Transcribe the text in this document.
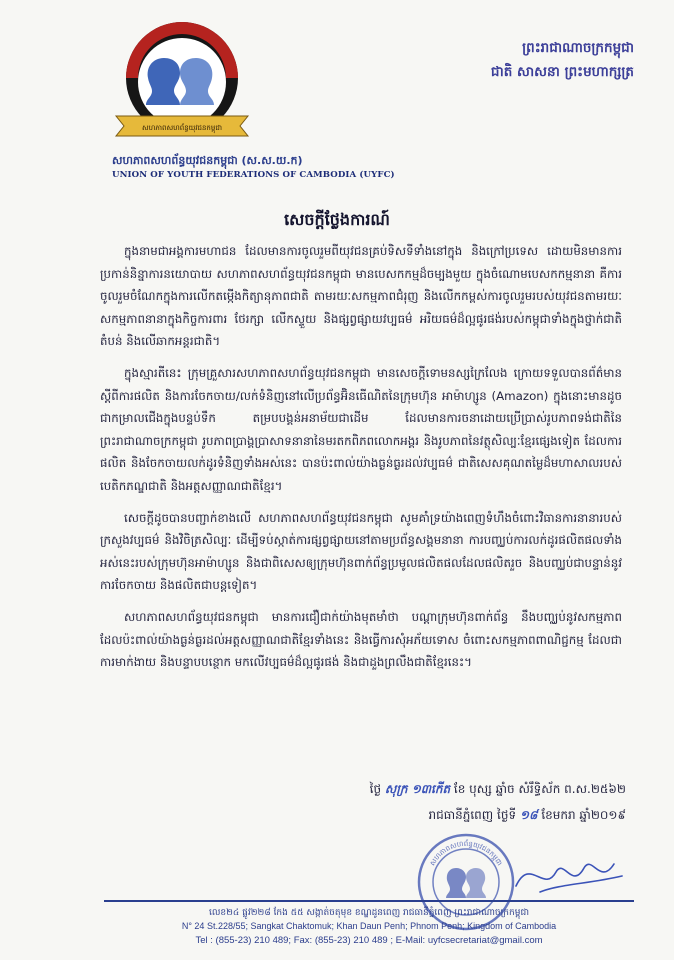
សហភាពសហព័ន្ធយុវជនកម្ពុជា
សហភាពសហព័ន្ធយុវជនកម្ពុជា (ស.ស.យ.ក)
UNION OF YOUTH FEDERATIONS OF CAMBODIA (UYFC)
ព្រះរាជាណាចក្រកម្ពុជា
ជាតិ សាសនា ព្រះមហាក្សត្រ
សេចក្តីថ្លែងការណ៍

ក្នុងនាមជាអង្គការមហាជន ដែលមានការចូលរួមពីយុវជនគ្រប់ទិសទីទាំងនៅក្នុង និងក្រៅប្រទេស ដោយមិនមានការប្រកាន់និន្នាការនយោបាយ សហភាពសហព័ន្ធយុវជនកម្ពុជា មានបេសកកម្មដ៏ចម្បងមួយ ក្នុងចំណោមបេសកកម្មនានា គឺការចូលរួមចំណែកក្នុងការលើកតម្កើងកិត្យានុភាពជាតិ តាមរយៈសកម្មភាពជំរុញ និងលើកកម្ពស់ការចូលរួមរបស់យុវជនតាមរយៈសកម្មភាពនានាក្នុងកិច្ចការពារ ថែរក្សា លើកស្ទួយ និងផ្សព្វផ្សាយវប្បធម៌ អរិយធម៌ដ៏ល្អផូរផង់របស់កម្ពុជាទាំងក្នុងថ្នាក់ជាតិ តំបន់ និងលើឆាកអន្តរជាតិ។

ក្នុងស្មារតីនេះ ក្រុមគ្រួសារសហភាពសហព័ន្ធយុវជនកម្ពុជា មានសេចក្តីទោមនស្សក្រៃលែង ក្រោយទទួលបានព័ត៌មានស្តីពីការផលិត និងការចែកចាយ/លក់ទំនិញនៅលើប្រព័ន្ធអ៊ិនធើណិតនៃក្រុមហ៊ុន អាម៉ាហ្សូន (Amazon) ក្នុងនោះមានដូចជាកម្រាលជើងក្នុងបន្ទប់ទឹក តម្របបង្គន់អនាម័យជាដើម ដែលមានការចនាដោយប្រើប្រាស់រូបភាពទង់ជាតិនៃព្រះរាជាណាចក្រកម្ពុជា រូបភាពប្រាង្គប្រាសាទនានានៃមរតកពិភពលោកអង្គរ និងរូបភាពនៃវត្ថុសិល្បៈខ្មែរផ្សេងទៀត ដែលការផលិត និងចែកចាយលក់ដូរទំនិញទាំងអស់នេះ បានប៉ះពាល់យ៉ាងធ្ងន់ធ្ងរដល់វប្បធម៌ ជាតិសេសគុណតម្លៃដ៏មហាសាលរបស់បេតិកភណ្ឌជាតិ និងអត្តសញ្ញាណជាតិខ្មែរ។

សេចក្តីដូចបានបញ្ជាក់ខាងលើ សហភាពសហព័ន្ធយុវជនកម្ពុជា សូមគាំទ្រយ៉ាងពេញទំហឹងចំពោះវិធានការនានារបស់ក្រសួងវប្បធម៌ និងវិចិត្រសិល្បៈ ដើម្បីទប់ស្កាត់ការផ្សព្វផ្សាយនៅតាមប្រព័ន្ធសង្គមនានា ការបញ្ឈប់ការលក់ដូរផលិតផលទាំងអស់នេះរបស់ក្រុមហ៊ុនអាម៉ាហ្សូន និងជាពិសេសឲ្យក្រុមហ៊ុនពាក់ព័ន្ធប្រមូលផលិតផលដែលផលិតរួច និងបញ្ឈប់ជាបន្ទាន់នូវការចែកចាយ និងផលិតជាបន្តទៀត។

សហភាពសហព័ន្ធយុវជនកម្ពុជា មានការជឿជាក់យ៉ាងមុតមាំថា បណ្តាក្រុមហ៊ុនពាក់ព័ន្ធ នឹងបញ្ឈប់នូវសកម្មភាពដែលប៉ះពាល់យ៉ាងធ្ងន់ធ្ងរដល់អត្តសញ្ញាណជាតិខ្មែរទាំងនេះ និងធ្វើការសុំអភ័យទោស ចំពោះសកម្មភាពពាណិជ្ជកម្ម ដែលជាការមាក់ងាយ និងបន្ទាបបន្ថោក មកលើវប្បធម៌ដ៏ល្អផូរផង់ និងជាដួងព្រលឹងជាតិខ្មែរនេះ។

ថ្ងៃ សុក្រ ១៣កើត ខែ បុស្ស ឆ្នាំច សំរឹទ្ធិស័ក ព.ស.២៥៦២
រាជធានីភ្នំពេញ ថ្ងៃទី ១៨ ខែមករា ឆ្នាំ២០១៩
សហភាពសហព័ន្ធយុវជនកម្ពុជា
លេខ២៤ ផ្លូវ២២៨ កែង ៥៥ សង្កាត់ចតុមុខ ខណ្ឌដូនពេញ រាជធានីភ្នំពេញ ព្រះរាជាណាចក្រកម្ពុជា
N° 24 St.228/55; Sangkat Chaktomuk; Khan Daun Penh; Phnom Penh; Kingdom of Cambodia
Tel : (855-23) 210 489; Fax: (855-23) 210 489 ; E-Mail: uyfcsecretariat@gmail.com
